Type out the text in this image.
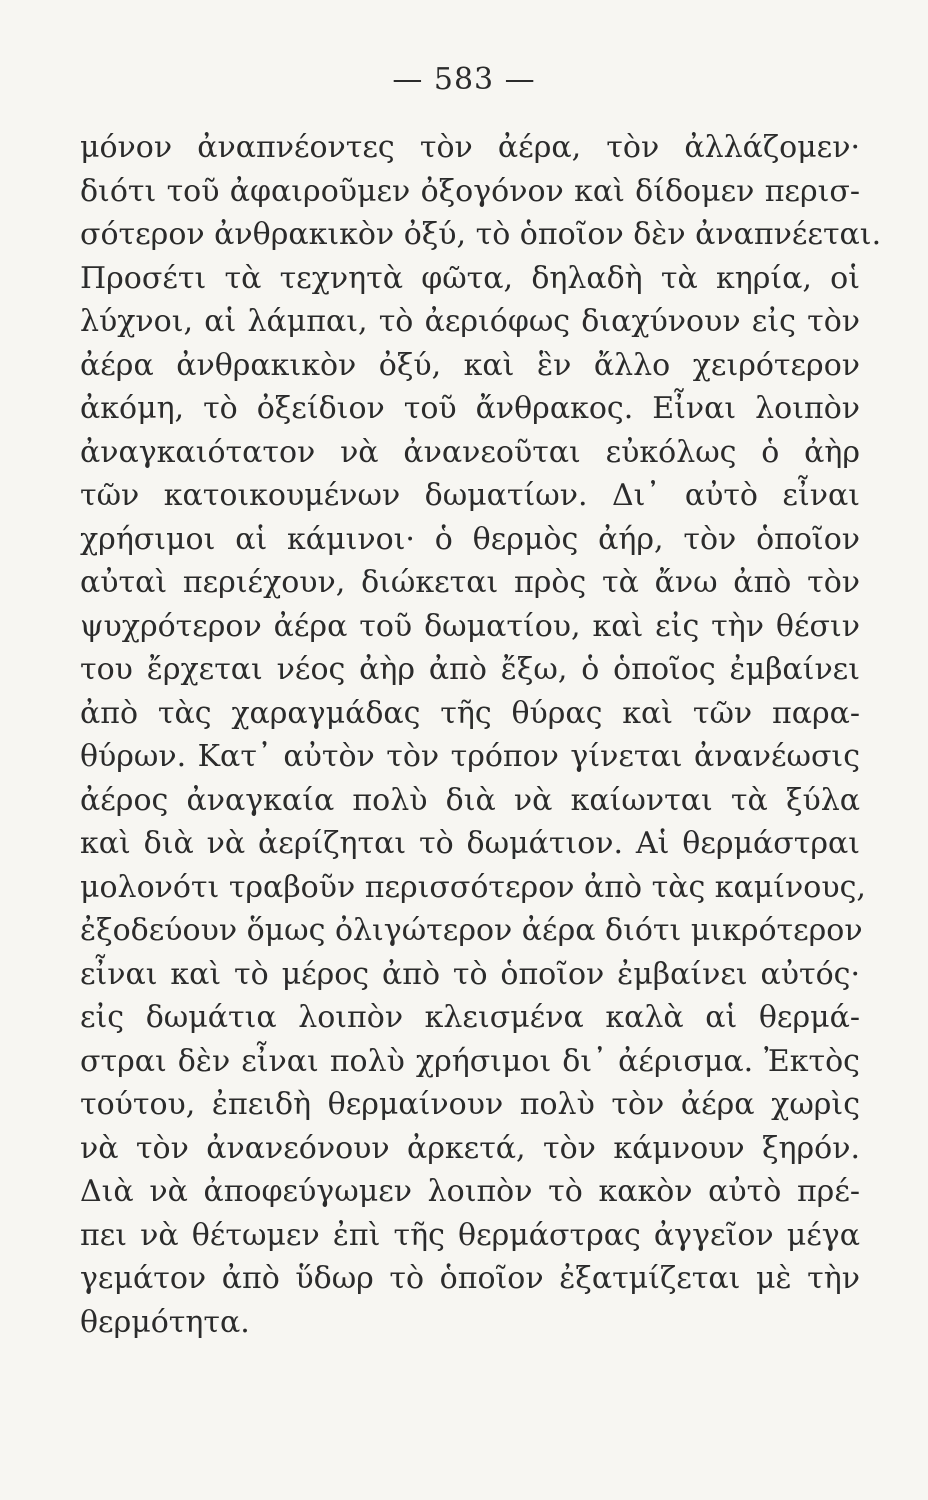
— 583 —
μόνον ἀναπνέοντες τὸν ἀέρα, τὸν ἀλλάζομεν·
διότι τοῦ ἀφαιροῦμεν ὀξογόνον καὶ δίδομεν περισ-
σότερον ἀνθρακικὸν ὀξύ, τὸ ὁποῖον δὲν ἀναπνέεται.
Προσέτι τὰ τεχνητὰ φῶτα, δηλαδὴ τὰ κηρία, οἱ
λύχνοι, αἱ λάμπαι, τὸ ἀεριόφως διαχύνουν εἰς τὸν
ἀέρα ἀνθρακικὸν ὀξύ, καὶ ἓν ἄλλο χειρότερον
ἀκόμη, τὸ ὀξείδιον τοῦ ἄνθρακος. Εἶναι λοιπὸν
ἀναγκαιότατον νὰ ἀνανεοῦται εὐκόλως ὁ ἀὴρ
τῶν κατοικουμένων δωματίων. Δι᾽ αὐτὸ εἶναι
χρήσιμοι αἱ κάμινοι· ὁ θερμὸς ἀήρ, τὸν ὁποῖον
αὐταὶ περιέχουν, διώκεται πρὸς τὰ ἄνω ἀπὸ τὸν
ψυχρότερον ἀέρα τοῦ δωματίου, καὶ εἰς τὴν θέσιν
του ἔρχεται νέος ἀὴρ ἀπὸ ἔξω, ὁ ὁποῖος ἐμβαίνει
ἀπὸ τὰς χαραγμάδας τῆς θύρας καὶ τῶν παρα-
θύρων. Κατ᾽ αὐτὸν τὸν τρόπον γίνεται ἀνανέωσις
ἀέρος ἀναγκαία πολὺ διὰ νὰ καίωνται τὰ ξύλα
καὶ διὰ νὰ ἀερίζηται τὸ δωμάτιον. Αἱ θερμάστραι
μολονότι τραβοῦν περισσότερον ἀπὸ τὰς καμίνους,
ἐξοδεύουν ὅμως ὀλιγώτερον ἀέρα διότι μικρότερον
εἶναι καὶ τὸ μέρος ἀπὸ τὸ ὁποῖον ἐμβαίνει αὐτός·
εἰς δωμάτια λοιπὸν κλεισμένα καλὰ αἱ θερμά-
στραι δὲν εἶναι πολὺ χρήσιμοι δι᾽ ἀέρισμα. Ἐκτὸς
τούτου, ἐπειδὴ θερμαίνουν πολὺ τὸν ἀέρα χωρὶς
νὰ τὸν ἀνανεόνουν ἀρκετά, τὸν κάμνουν ξηρόν.
Διὰ νὰ ἀποφεύγωμεν λοιπὸν τὸ κακὸν αὐτὸ πρέ-
πει νὰ θέτωμεν ἐπὶ τῆς θερμάστρας ἀγγεῖον μέγα
γεμάτον ἀπὸ ὕδωρ τὸ ὁποῖον ἐξατμίζεται μὲ τὴν
θερμότητα.
